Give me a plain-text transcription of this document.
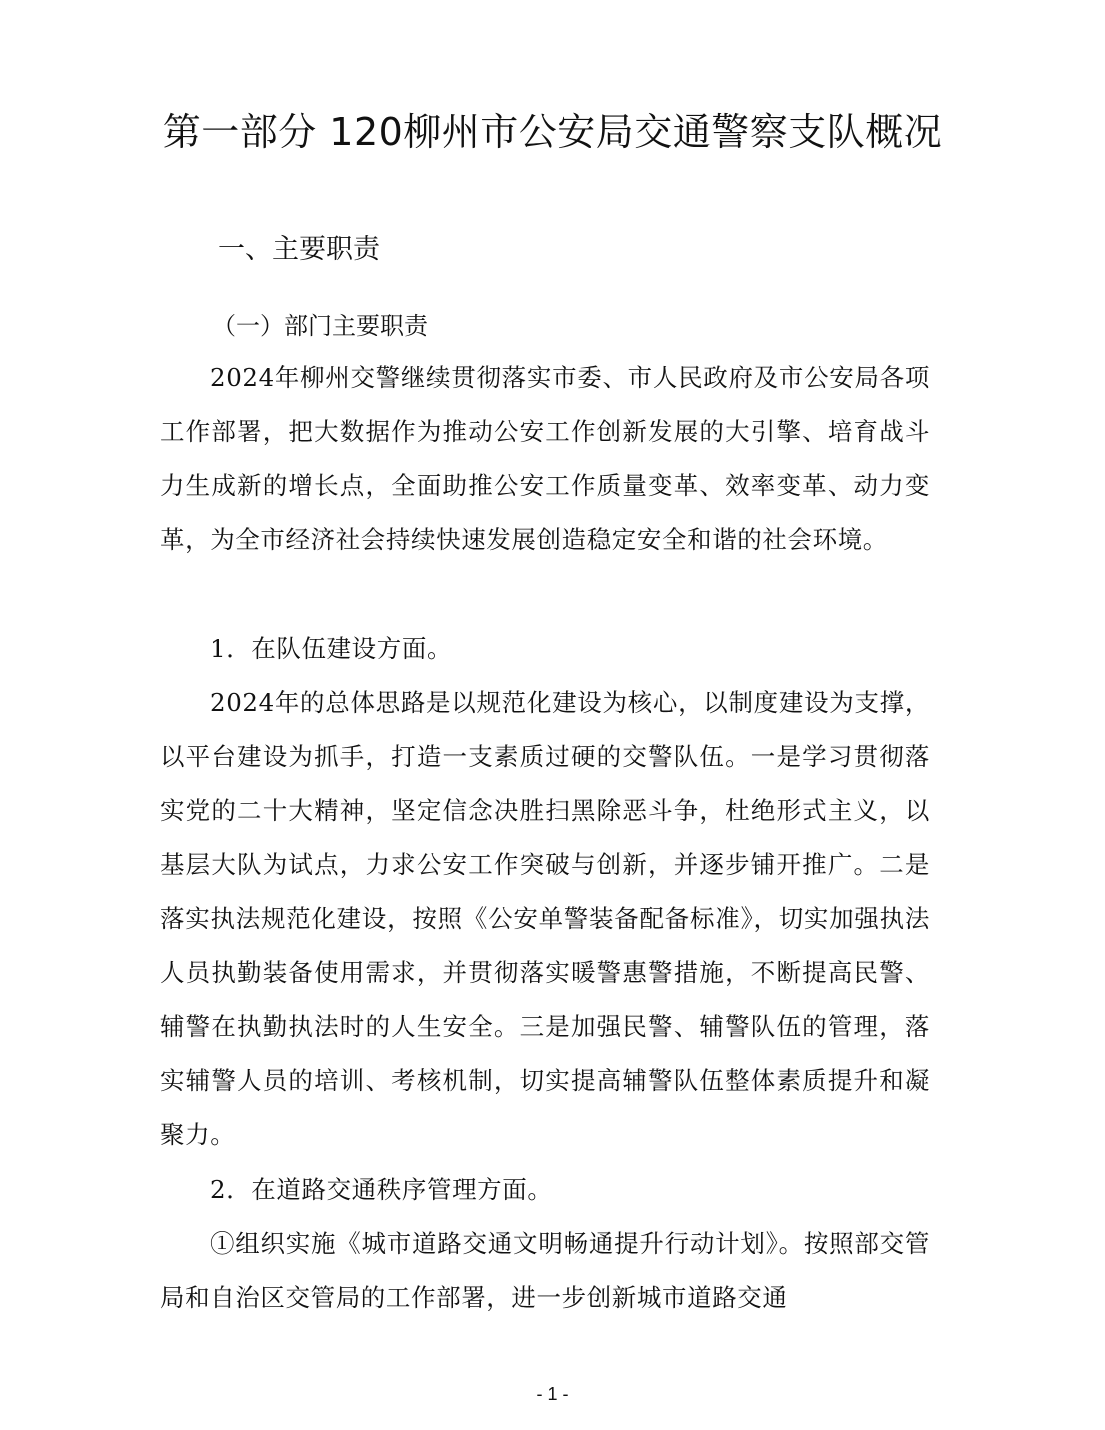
第一部分 120柳州市公安局交通警察支队概况
一、主要职责
（一）部门主要职责

2024年柳州交警继续贯彻落实市委、市人民政府及市公安局各项工作部署，把大数据作为推动公安工作创新发展的大引擎、培育战斗力生成新的增长点，全面助推公安工作质量变革、效率变革、动力变革，为全市经济社会持续快速发展创造稳定安全和谐的社会环境。

1．在队伍建设方面。

2024年的总体思路是以规范化建设为核心，以制度建设为支撑，以平台建设为抓手，打造一支素质过硬的交警队伍。一是学习贯彻落实党的二十大精神，坚定信念决胜扫黑除恶斗争，杜绝形式主义，以基层大队为试点，力求公安工作突破与创新，并逐步铺开推广。二是落实执法规范化建设，按照《公安单警装备配备标准》，切实加强执法人员执勤装备使用需求，并贯彻落实暖警惠警措施，不断提高民警、辅警在执勤执法时的人生安全。三是加强民警、辅警队伍的管理，落实辅警人员的培训、考核机制，切实提高辅警队伍整体素质提升和凝聚力。

2．在道路交通秩序管理方面。

①组织实施《城市道路交通文明畅通提升行动计划》。按照部交管局和自治区交管局的工作部署，进一步创新城市道路交通

- 1 -
